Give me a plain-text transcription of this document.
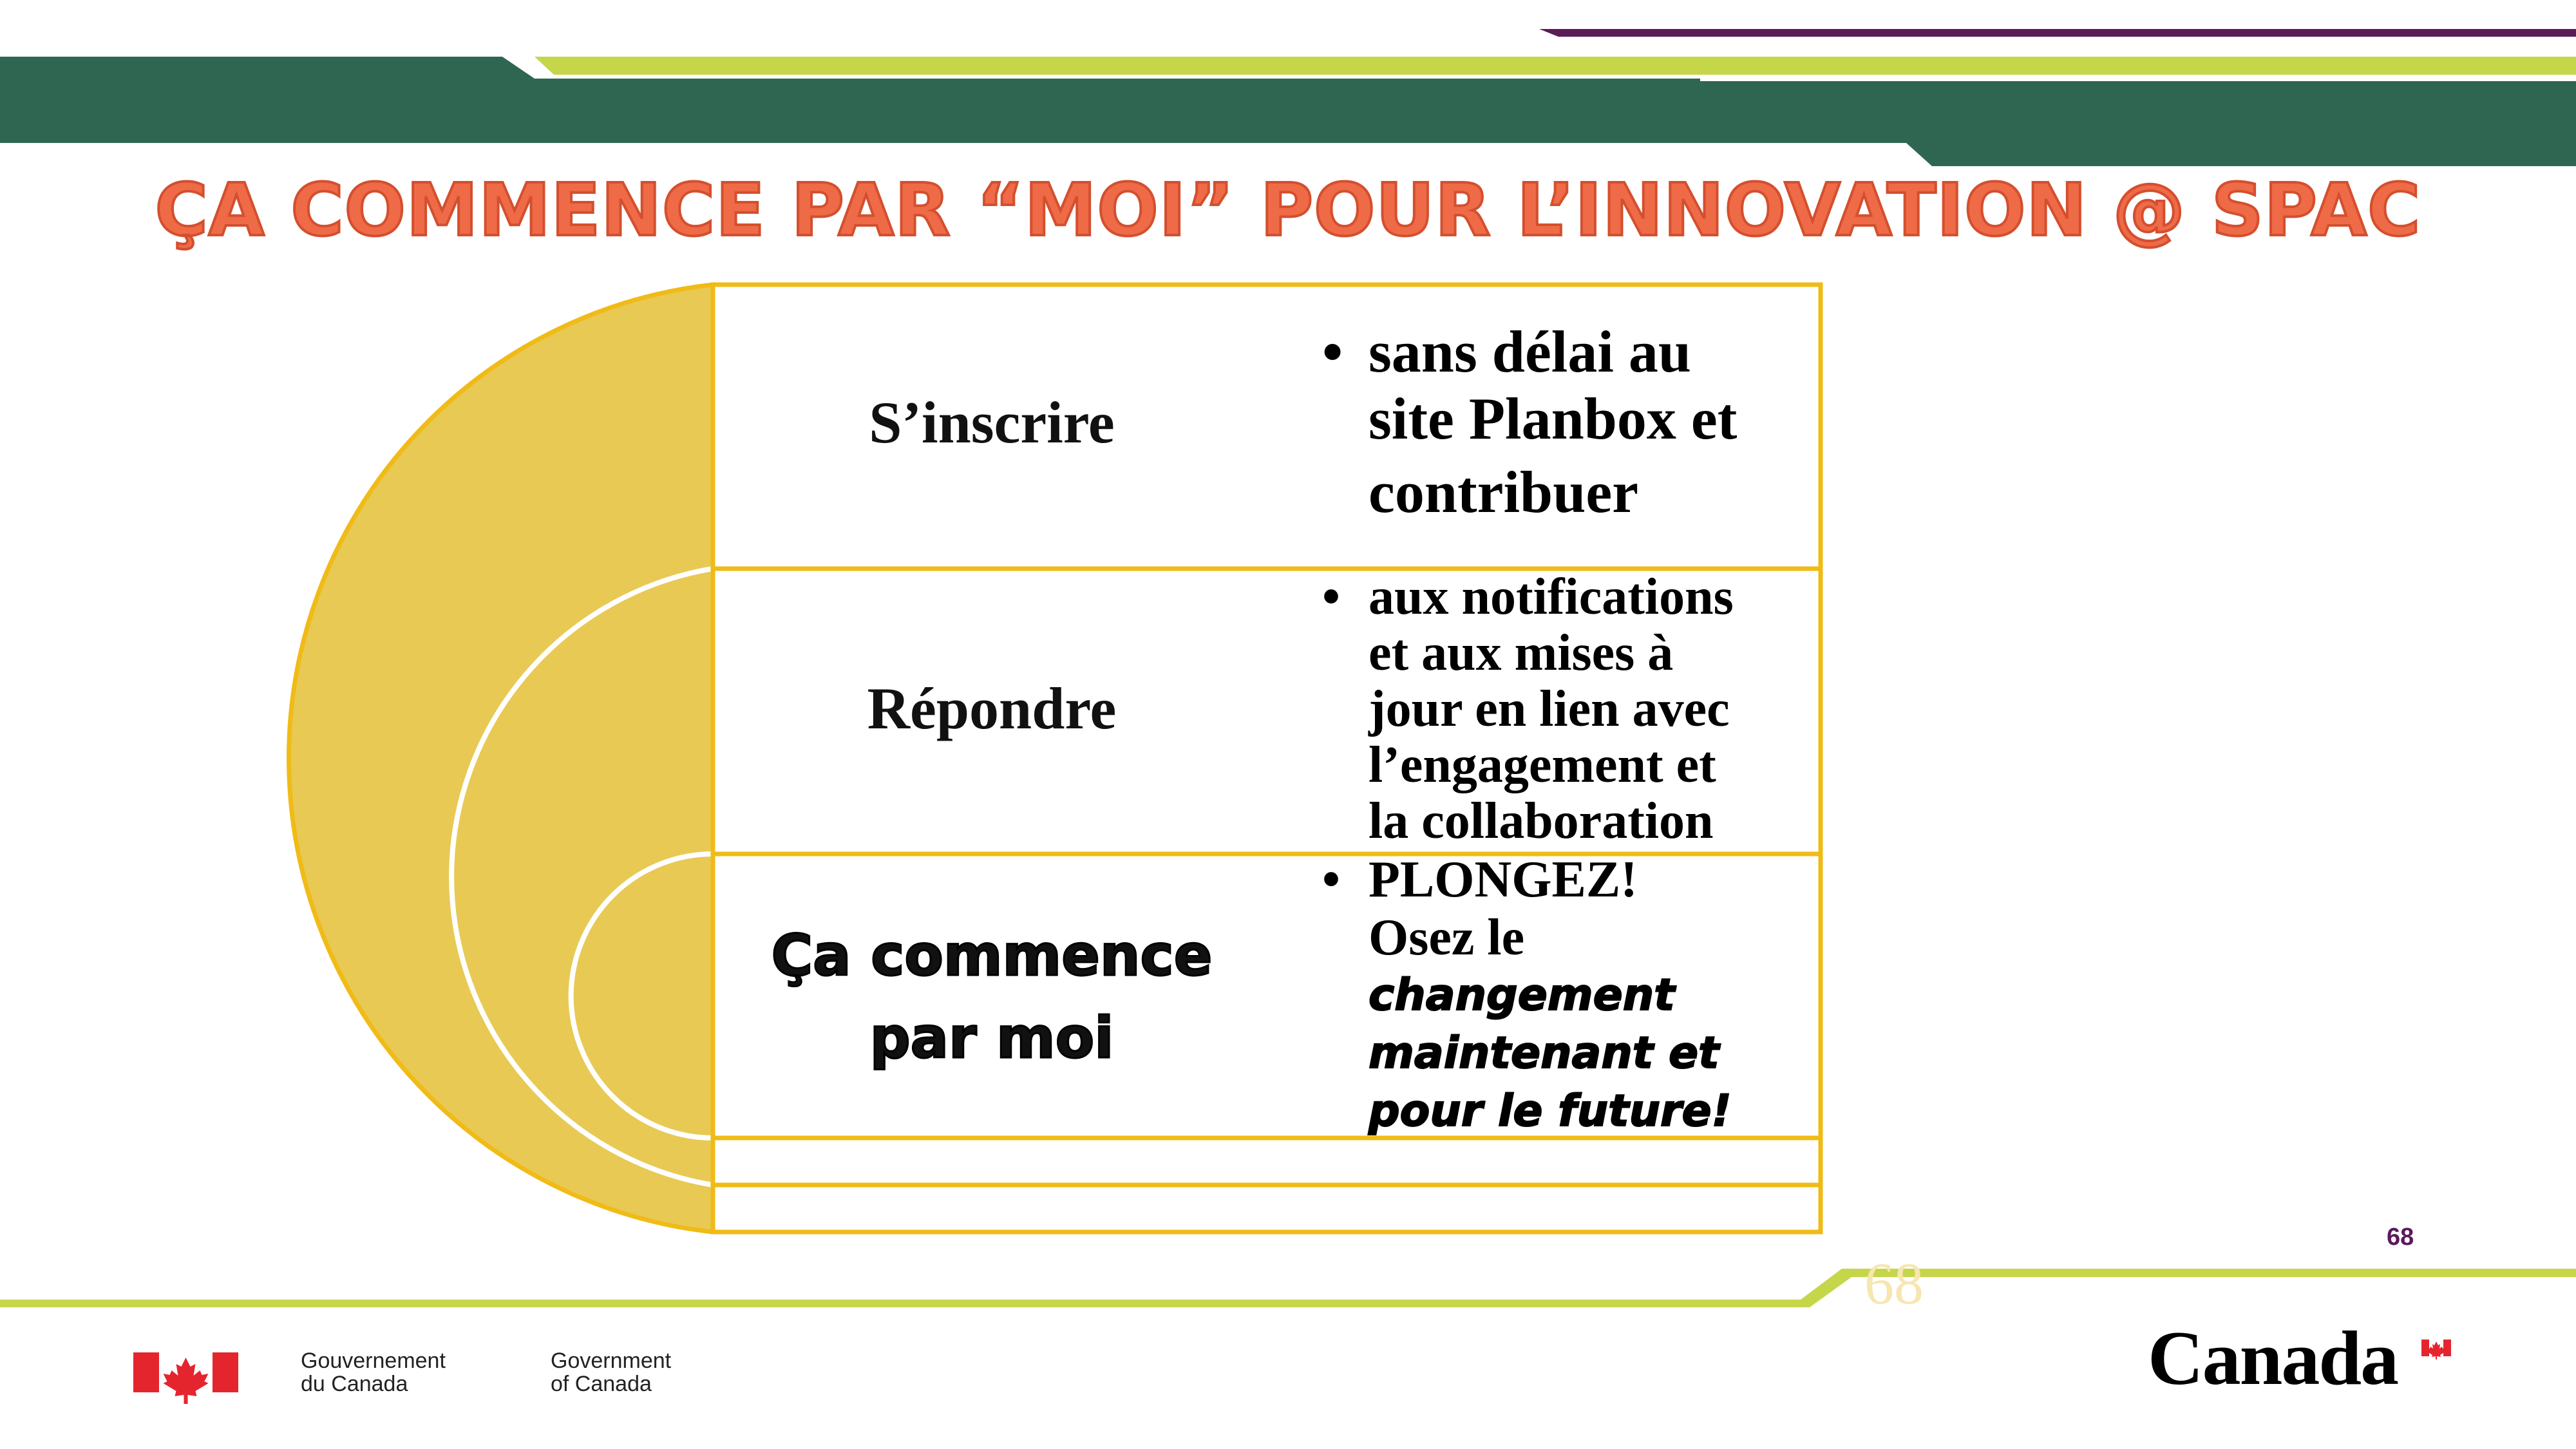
ÇA COMMENCE PAR “MOI” POUR L’INNOVATION @ SPAC
S’inscrire
• sans délai au
site Planbox et
contribuer
Répondre
• aux notifications
et aux mises à
jour en lien avec
l’engagement et
la collaboration
Ça commence
par moi
• PLONGEZ!
Osez le
changement
maintenant et
pour le future!
68
68
Gouvernement
du Canada
Government
of Canada	Canada
